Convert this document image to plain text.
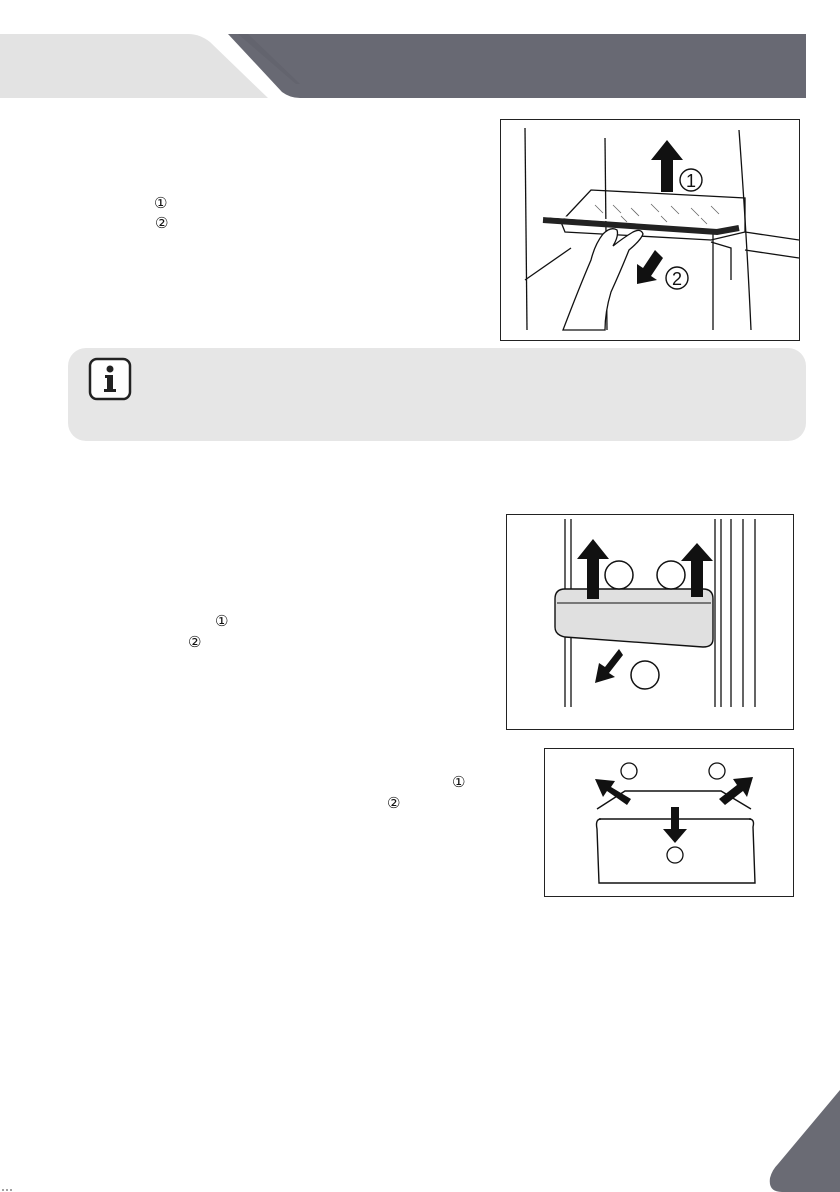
①
②
1
2
①
②
①
②
